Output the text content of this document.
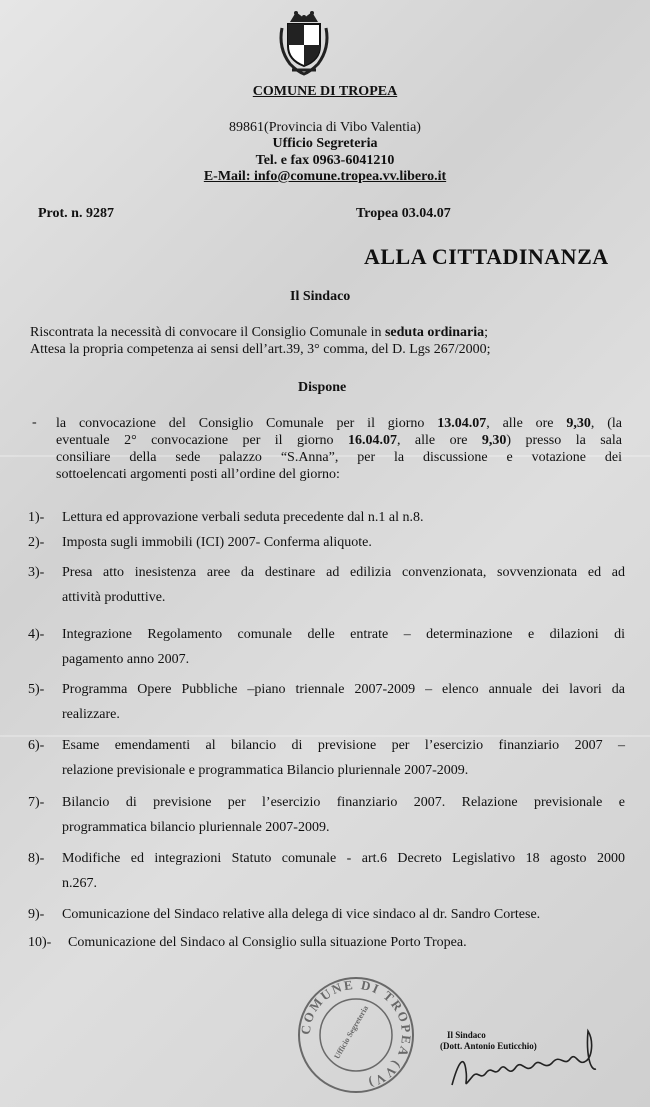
COMUNE DI TROPEA
89861(Provincia di Vibo Valentia)
Ufficio Segreteria
Tel. e fax 0963-6041210
E-Mail: info@comune.tropea.vv.libero.it
Prot. n. 9287	Tropea 03.04.07
ALLA CITTADINANZA
Il Sindaco
Riscontrata la necessità di convocare il Consiglio Comunale in seduta ordinaria;
Attesa la propria competenza ai sensi dell’art.39, 3° comma, del D. Lgs 267/2000;
Dispone
- la convocazione del Consiglio Comunale per il giorno 13.04.07, alle ore 9,30, (la
eventuale 2° convocazione per il giorno 16.04.07, alle ore 9,30) presso la sala
consiliare della sede palazzo “S.Anna”, per la discussione e votazione dei
sottoelencati argomenti posti all’ordine del giorno:
1)- Lettura ed approvazione verbali seduta precedente dal n.1 al n.8.
2)- Imposta sugli immobili (ICI) 2007- Conferma aliquote.
3)- Presa atto inesistenza aree da destinare ad edilizia convenzionata, sovvenzionata ed ad
attività produttive.
4)- Integrazione Regolamento comunale delle entrate – determinazione e dilazioni di
pagamento anno 2007.
5)- Programma Opere Pubbliche –piano triennale 2007-2009 – elenco annuale dei lavori da
realizzare.
6)- Esame emendamenti al bilancio di previsione per l’esercizio finanziario 2007 –
relazione previsionale e programmatica Bilancio pluriennale 2007-2009.
7)- Bilancio di previsione per l’esercizio finanziario 2007. Relazione previsionale e
programmatica bilancio pluriennale 2007-2009.
8)- Modifiche ed integrazioni Statuto comunale - art.6 Decreto Legislativo 18 agosto 2000
n.267.
9)- Comunicazione del Sindaco relative alla delega di vice sindaco al dr. Sandro Cortese.
10)- Comunicazione del Sindaco al Consiglio sulla situazione Porto Tropea.
COMUNE DI TROPEA (VV)
Ufficio Segreteria	Il Sindaco
(Dott. Antonio Euticchio)
